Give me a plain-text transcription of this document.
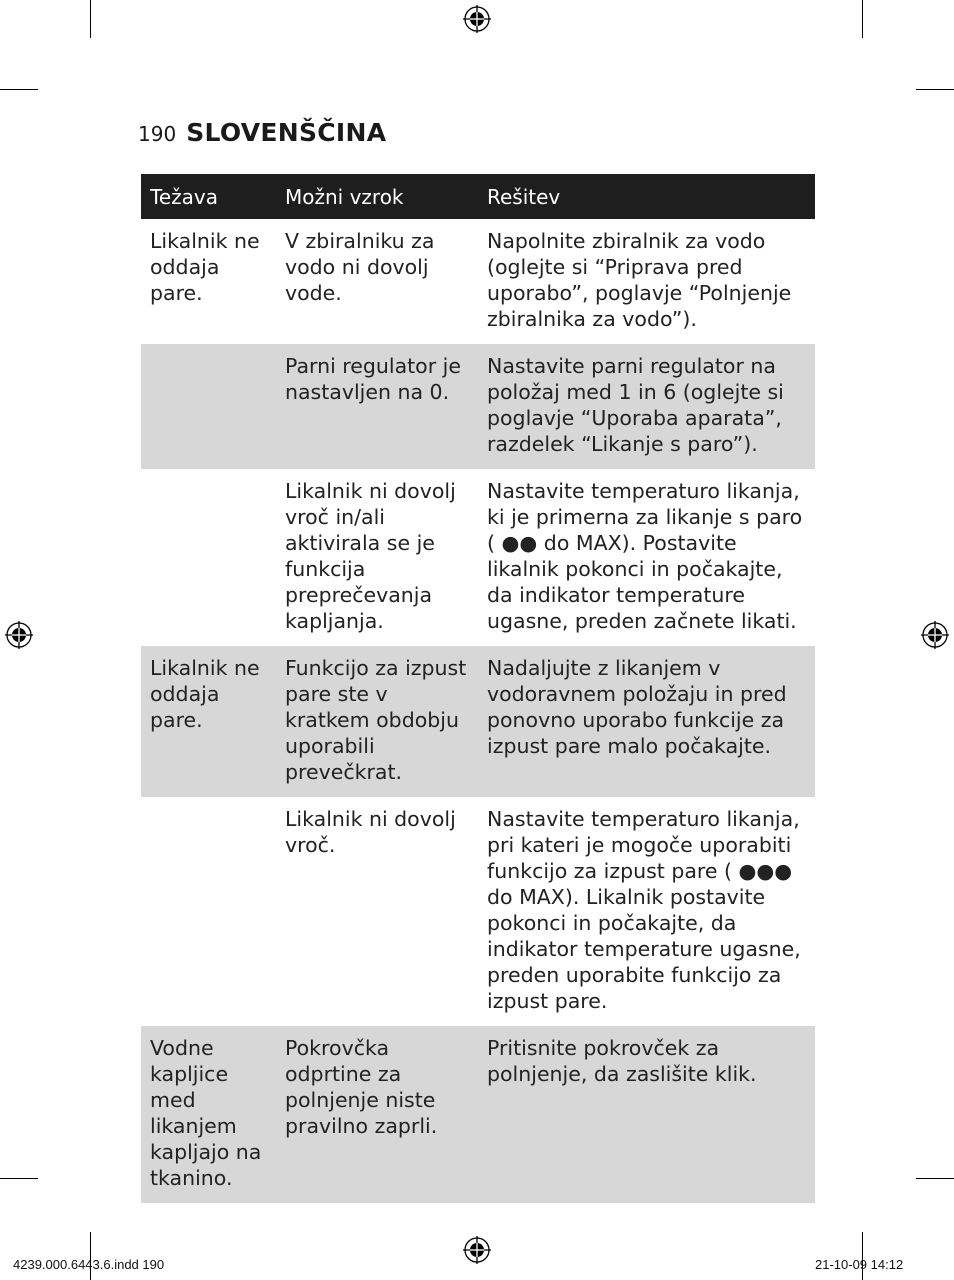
190 SLOVENŠČINA
Težava	Možni vzrok	Rešitev
Likalnik ne oddaja pare.	V zbiralniku za vodo ni dovolj vode.	Napolnite zbiralnik za vodo (oglejte si “Priprava pred uporabo”, poglavje “Polnjenje zbiralnika za vodo”).
	Parni regulator je nastavljen na 0.	Nastavite parni regulator na položaj med 1 in 6 (oglejte si poglavje “Uporaba aparata”, razdelek “Likanje s paro”).
	Likalnik ni dovolj vroč in/ali aktivirala se je funkcija preprečevanja kapljanja.	Nastavite temperaturo likanja, ki je primerna za likanje s paro ( ●● do MAX). Postavite likalnik pokonci in počakajte, da indikator temperature ugasne, preden začnete likati.
Likalnik ne oddaja pare.	Funkcijo za izpust pare ste v kratkem obdobju uporabili prevečkrat.	Nadaljujte z likanjem v vodoravnem položaju in pred ponovno uporabo funkcije za izpust pare malo počakajte.
	Likalnik ni dovolj vroč.	Nastavite temperaturo likanja, pri kateri je mogoče uporabiti funkcijo za izpust pare ( ●●● do MAX). Likalnik postavite pokonci in počakajte, da indikator temperature ugasne, preden uporabite funkcijo za izpust pare.
Vodne kapljice med likanjem kapljajo na tkanino.	Pokrovčka odprtine za polnjenje niste pravilno zaprli.	Pritisnite pokrovček za polnjenje, da zaslišite klik.
4239.000.6443.6.indd 190	21-10-09 14:12
